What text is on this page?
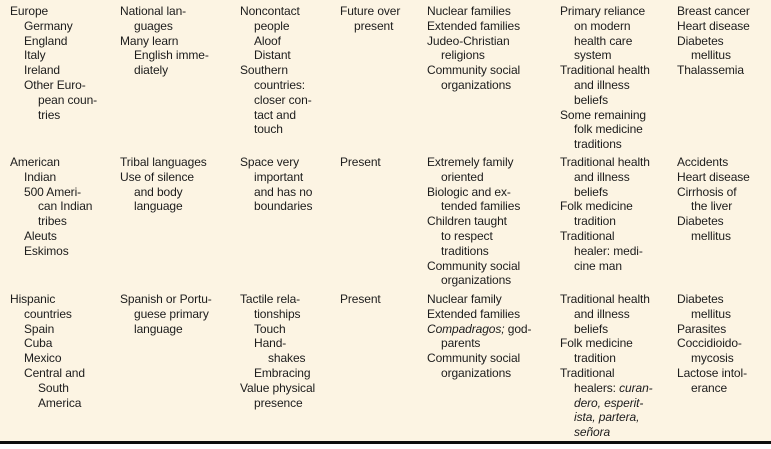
Europe
Germany
England
Italy
Ireland
Other Euro-
pean coun-
tries
National lan-
guages
Many learn
English imme-
diately
Noncontact
people
Aloof
Distant
Southern
countries:
closer con-
tact and
touch
Future over
present
Nuclear families
Extended families
Judeo-Christian
religions
Community social
organizations
Primary reliance
on modern
health care
system
Traditional health
and illness
beliefs
Some remaining
folk medicine
traditions
Breast cancer
Heart disease
Diabetes
mellitus
Thalassemia
American
Indian
500 Ameri-
can Indian
tribes
Aleuts
Eskimos
Tribal languages
Use of silence
and body
language
Space very
important
and has no
boundaries
Present	Extremely family
oriented
Biologic and ex-
tended families
Children taught
to respect
traditions
Community social
organizations
Traditional health
and illness
beliefs
Folk medicine
tradition
Traditional
healer: medi-
cine man
Accidents
Heart disease
Cirrhosis of
the liver
Diabetes
mellitus
Hispanic
countries
Spain
Cuba
Mexico
Central and
South
America
Spanish or Portu-
guese primary
language
Tactile rela-
tionships
Touch
Hand-
shakes
Embracing
Value physical
presence
Present	Nuclear family
Extended families
Compadragos; god-
parents
Community social
organizations
Traditional health
and illness
beliefs
Folk medicine
tradition
Traditional
healers: curan-
dero, esperit-
ista, partera,
señora
Diabetes
mellitus
Parasites
Coccidioido-
mycosis
Lactose intol-
erance
